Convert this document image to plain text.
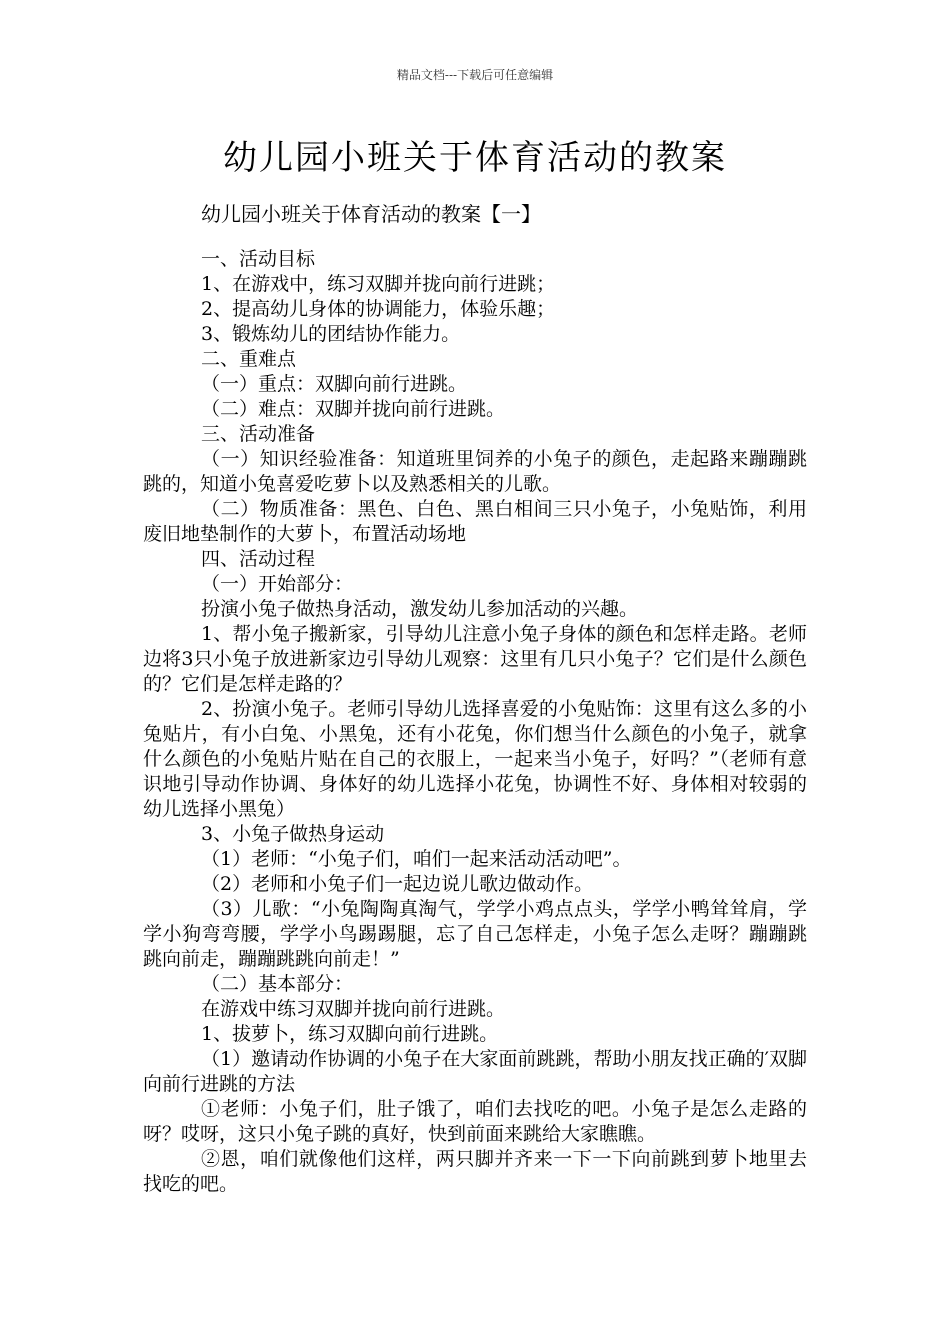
精品文档---下载后可任意编辑
幼儿园小班关于体育活动的教案
幼儿园小班关于体育活动的教案【一】

一、活动目标

1、在游戏中，练习双脚并拢向前行进跳；

2、提高幼儿身体的协调能力，体验乐趣；

3、锻炼幼儿的团结协作能力。

二、重难点

（一）重点：双脚向前行进跳。

（二）难点：双脚并拢向前行进跳。

三、活动准备

（一）知识经验准备：知道班里饲养的小兔子的颜色，走起路来蹦蹦跳跳的，知道小兔喜爱吃萝卜以及熟悉相关的儿歌。

（二）物质准备：黑色、白色、黑白相间三只小兔子，小兔贴饰，利用废旧地垫制作的大萝卜，布置活动场地

四、活动过程

（一）开始部分：

扮演小兔子做热身活动，激发幼儿参加活动的兴趣。

1、帮小兔子搬新家，引导幼儿注意小兔子身体的颜色和怎样走路。老师边将3只小兔子放进新家边引导幼儿观察：这里有几只小兔子？它们是什么颜色的？它们是怎样走路的？

2、扮演小兔子。老师引导幼儿选择喜爱的小兔贴饰：这里有这么多的小兔贴片，有小白兔、小黑兔，还有小花兔，你们想当什么颜色的小兔子，就拿什么颜色的小兔贴片贴在自己的衣服上，一起来当小兔子，好吗？”（老师有意识地引导动作协调、身体好的幼儿选择小花兔，协调性不好、身体相对较弱的幼儿选择小黑兔）

3、小兔子做热身运动

（1）老师：“小兔子们，咱们一起来活动活动吧”。

（2）老师和小兔子们一起边说儿歌边做动作。

（3）儿歌：“小兔陶陶真淘气，学学小鸡点点头，学学小鸭耸耸肩，学学小狗弯弯腰，学学小鸟踢踢腿，忘了自己怎样走，小兔子怎么走呀？蹦蹦跳跳向前走，蹦蹦跳跳向前走！”

（二）基本部分：

在游戏中练习双脚并拢向前行进跳。

1、拔萝卜，练习双脚向前行进跳。

（1）邀请动作协调的小兔子在大家面前跳跳，帮助小朋友找正确的′双脚向前行进跳的方法

①老师：小兔子们，肚子饿了，咱们去找吃的吧。小兔子是怎么走路的呀？哎呀，这只小兔子跳的真好，快到前面来跳给大家瞧瞧。

②恩，咱们就像他们这样，两只脚并齐来一下一下向前跳到萝卜地里去找吃的吧。
